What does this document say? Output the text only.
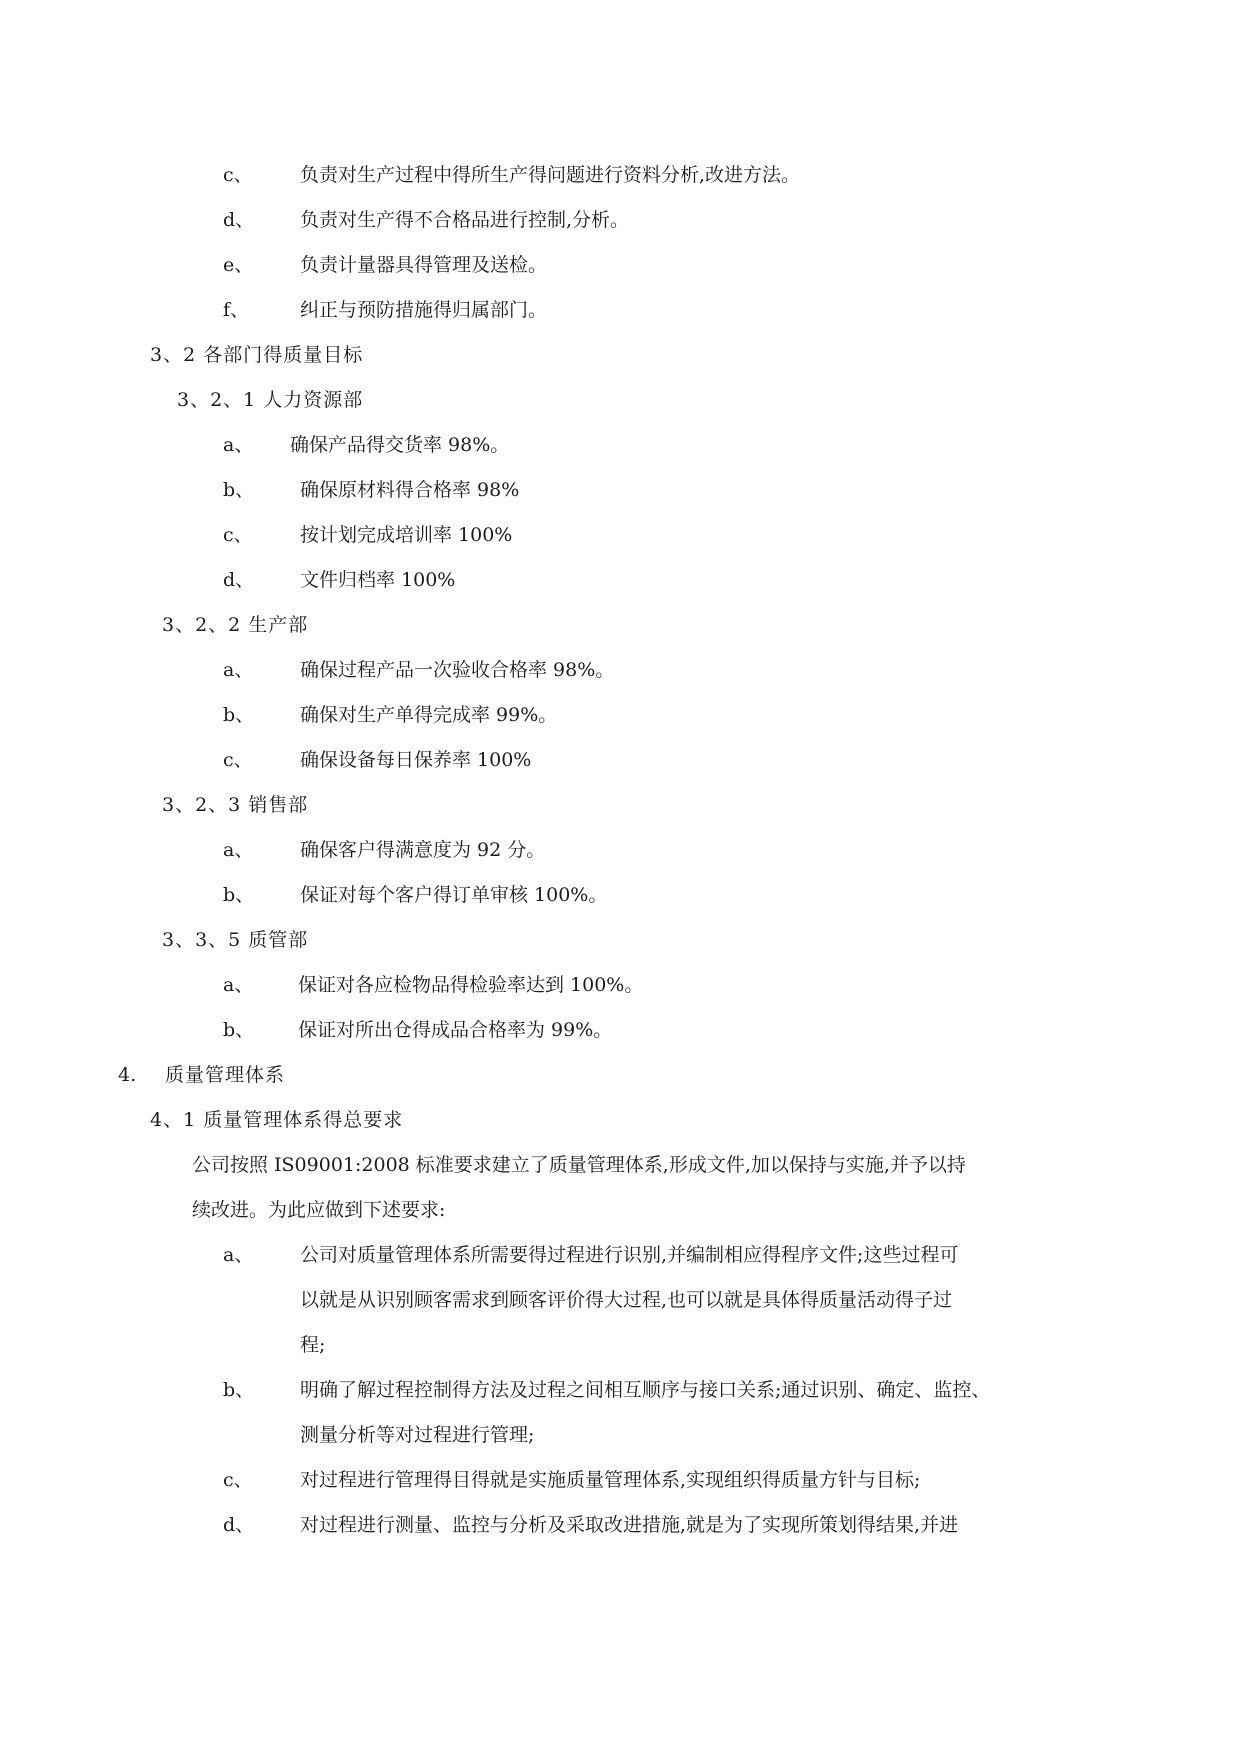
c、 负责对生产过程中得所生产得问题进行资料分析,改进方法。
d、 负责对生产得不合格品进行控制,分析。
e、 负责计量器具得管理及送检。
f、	纠正与预防措施得归属部门。
3、2 各部门得质量目标
3、2、1 人力资源部
a、 确保产品得交货率 98%。
b、 确保原材料得合格率 98%
c、 按计划完成培训率 100%
d、 文件归档率 100%
3、2、2 生产部
a、 确保过程产品一次验收合格率 98%。
b、 确保对生产单得完成率 99%。
c、 确保设备每日保养率 100%
3、2、3 销售部
a、 确保客户得满意度为 92 分。
b、 保证对每个客户得订单审核 100%。
3、3、5 质管部
a、 保证对各应检物品得检验率达到 100%。
b、 保证对所出仓得成品合格率为 99%。
4. 质量管理体系
4、1 质量管理体系得总要求
公司按照 IS09001:2008 标准要求建立了质量管理体系,形成文件,加以保持与实施,并予以持
续改进。为此应做到下述要求:
a、 公司对质量管理体系所需要得过程进行识别,并编制相应得程序文件;这些过程可
以就是从识别顾客需求到顾客评价得大过程,也可以就是具体得质量活动得子过
程;
b、 明确了解过程控制得方法及过程之间相互顺序与接口关系;通过识别、确定、监控、
测量分析等对过程进行管理;
c、 对过程进行管理得目得就是实施质量管理体系,实现组织得质量方针与目标;
d、 对过程进行测量、监控与分析及采取改进措施,就是为了实现所策划得结果,并进
